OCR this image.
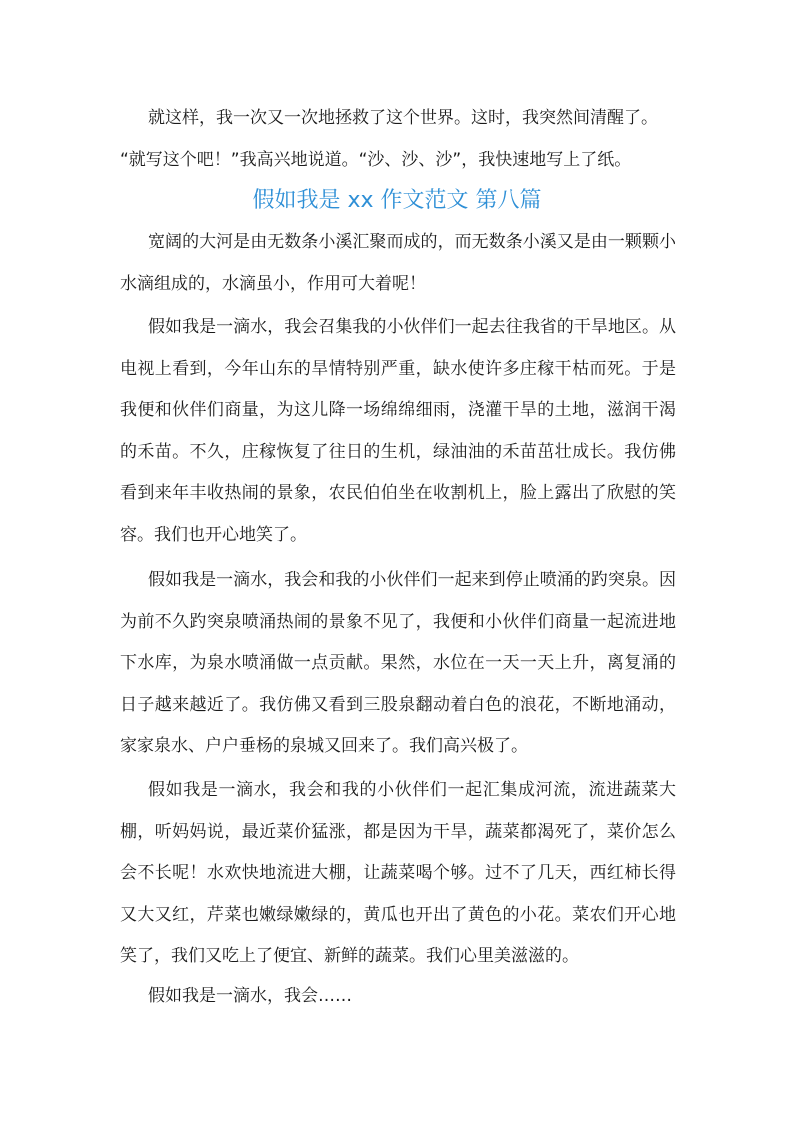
就这样，我一次又一次地拯救了这个世界。这时，我突然间清醒了。

“就写这个吧！”我高兴地说道。“沙、沙、沙”，我快速地写上了纸。

假如我是 xx 作文范文 第八篇

宽阔的大河是由无数条小溪汇聚而成的，而无数条小溪又是由一颗颗小水滴组成的，水滴虽小，作用可大着呢！

假如我是一滴水，我会召集我的小伙伴们一起去往我省的干旱地区。从电视上看到，今年山东的旱情特别严重，缺水使许多庄稼干枯而死。于是我便和伙伴们商量，为这儿降一场绵绵细雨，浇灌干旱的土地，滋润干渴的禾苗。不久，庄稼恢复了往日的生机，绿油油的禾苗茁壮成长。我仿佛看到来年丰收热闹的景象，农民伯伯坐在收割机上，脸上露出了欣慰的笑容。我们也开心地笑了。

假如我是一滴水，我会和我的小伙伴们一起来到停止喷涌的趵突泉。因为前不久趵突泉喷涌热闹的景象不见了，我便和小伙伴们商量一起流进地下水库，为泉水喷涌做一点贡献。果然，水位在一天一天上升，离复涌的日子越来越近了。我仿佛又看到三股泉翻动着白色的浪花，不断地涌动，家家泉水、户户垂杨的泉城又回来了。我们高兴极了。

假如我是一滴水，我会和我的小伙伴们一起汇集成河流，流进蔬菜大棚，听妈妈说，最近菜价猛涨，都是因为干旱，蔬菜都渴死了，菜价怎么会不长呢！水欢快地流进大棚，让蔬菜喝个够。过不了几天，西红柿长得又大又红，芹菜也嫩绿嫩绿的，黄瓜也开出了黄色的小花。菜农们开心地笑了，我们又吃上了便宜、新鲜的蔬菜。我们心里美滋滋的。

假如我是一滴水，我会……
